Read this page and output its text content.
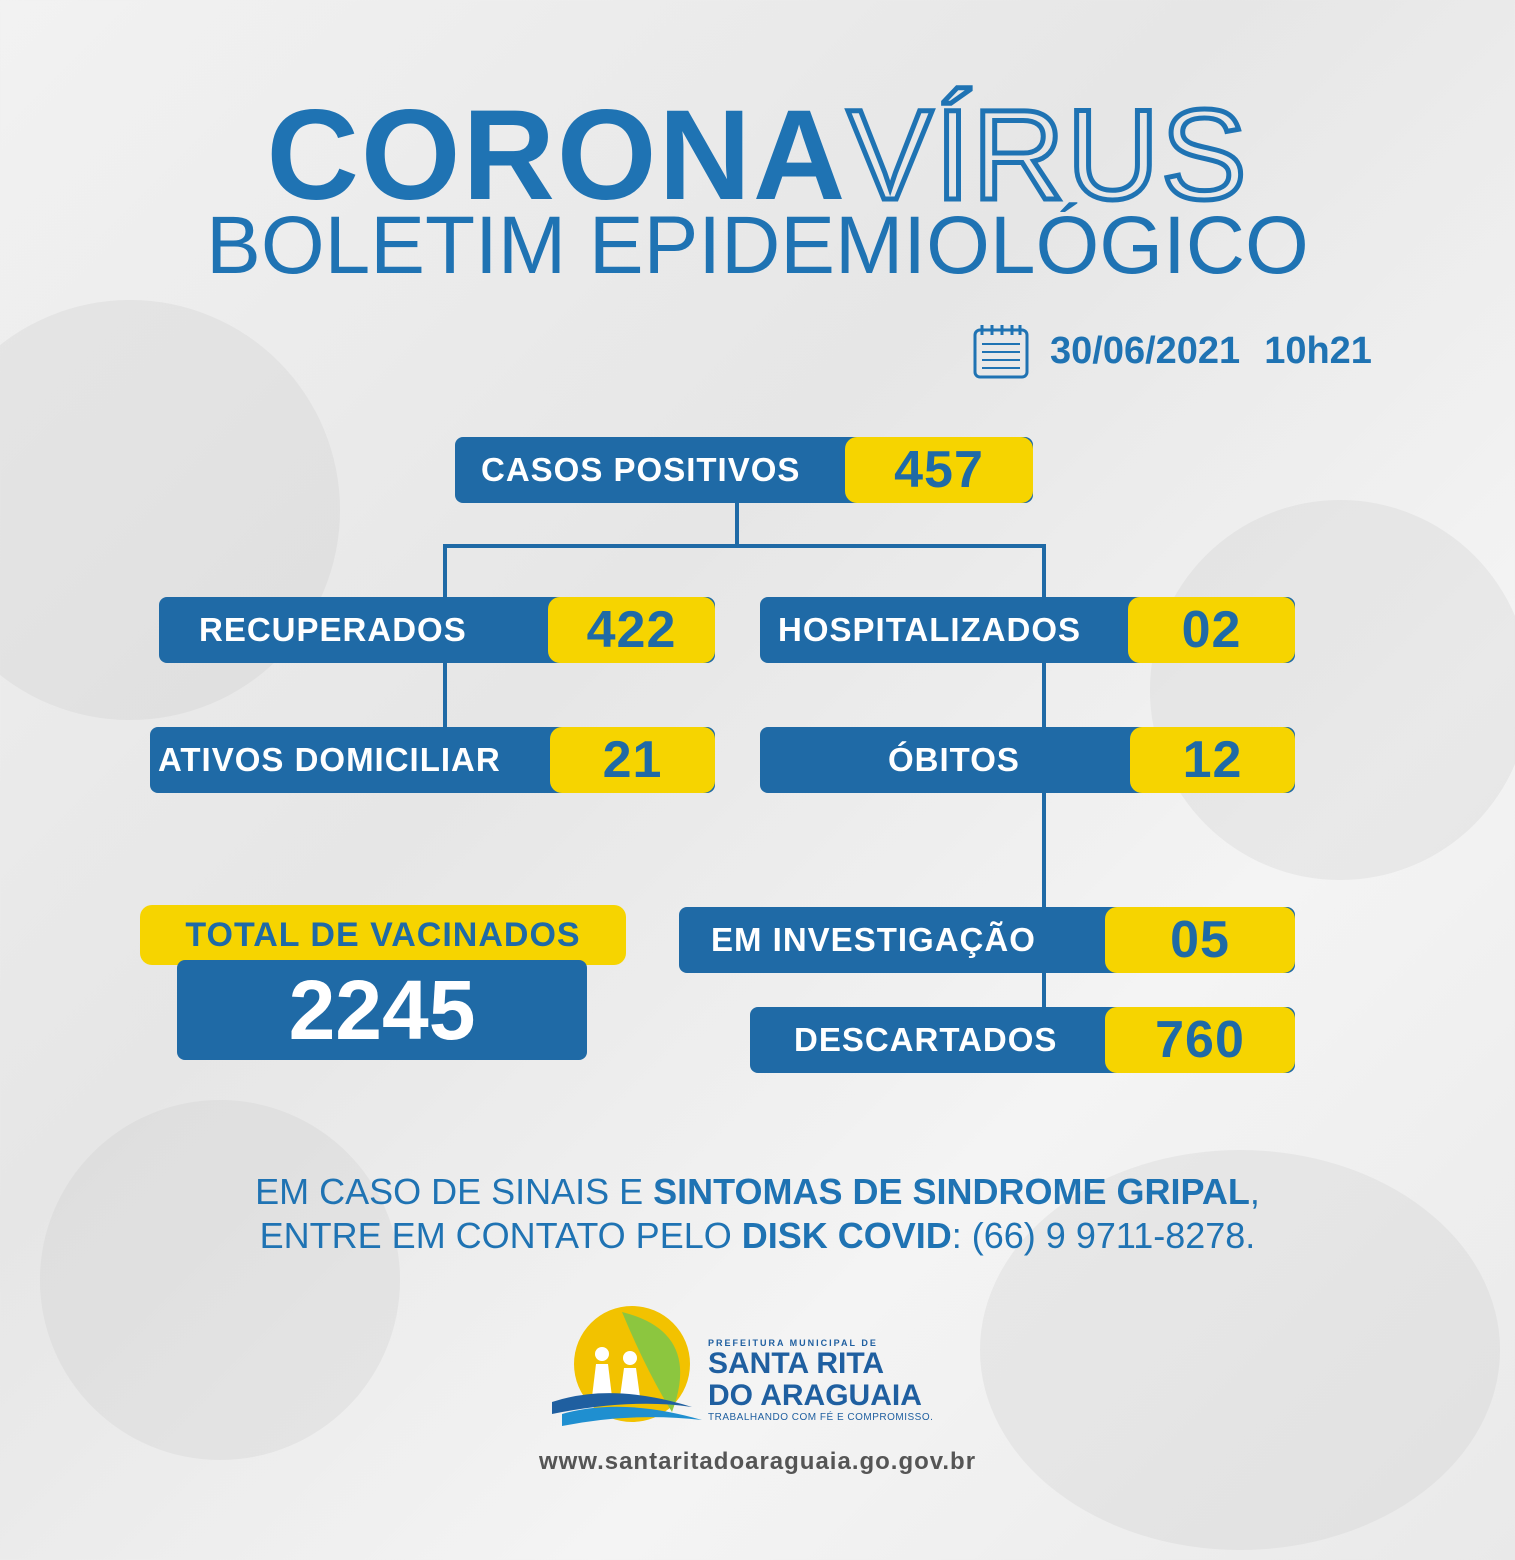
CORONAVÍRUS
BOLETIM EPIDEMIOLÓGICO
30/06/2021 10h21
CASOS POSITIVOS	457
RECUPERADOS	422	HOSPITALIZADOS	02
ATIVOS DOMICILIAR	21	ÓBITOS	12
TOTAL DE VACINADOS
2245
EM INVESTIGAÇÃO	05
DESCARTADOS	760
EM CASO DE SINAIS E SINTOMAS DE SINDROME GRIPAL,
ENTRE EM CONTATO PELO DISK COVID: (66) 9 9711-8278.
PREFEITURA MUNICIPAL DE
SANTA RITA
DO ARAGUAIA
TRABALHANDO COM FÉ E COMPROMISSO.
www.santaritadoaraguaia.go.gov.br
